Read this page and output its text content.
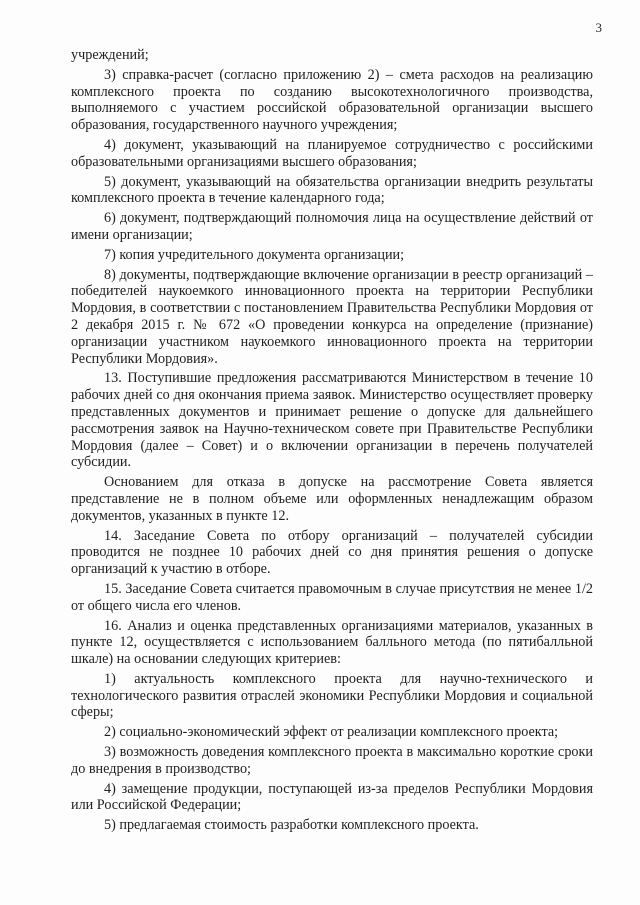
3

учреждений;

3) справка-расчет (согласно приложению 2) – смета расходов на реализацию комплексного проекта по созданию высокотехнологичного производства, выполняемого с участием российской образовательной организации высшего образования, государственного научного учреждения;

4) документ, указывающий на планируемое сотрудничество с российскими образовательными организациями высшего образования;

5) документ, указывающий на обязательства организации внедрить результаты комплексного проекта в течение календарного года;

6) документ, подтверждающий полномочия лица на осуществление действий от имени организации;

7) копия учредительного документа организации;

8) документы, подтверждающие включение организации в реестр организаций – победителей наукоемкого инновационного проекта на территории Республики Мордовия, в соответствии с постановлением Правительства Республики Мордовия от 2 декабря 2015 г. № 672 «О проведении конкурса на определение (признание) организации участником наукоемкого инновационного проекта на территории Республики Мордовия».

13. Поступившие предложения рассматриваются Министерством в течение 10 рабочих дней со дня окончания приема заявок. Министерство осуществляет проверку представленных документов и принимает решение о допуске для дальнейшего рассмотрения заявок на Научно-техническом совете при Правительстве Республики Мордовия (далее – Совет) и о включении организации в перечень получателей субсидии.

Основанием для отказа в допуске на рассмотрение Совета является представление не в полном объеме или оформленных ненадлежащим образом документов, указанных в пункте 12.

14. Заседание Совета по отбору организаций – получателей субсидии проводится не позднее 10 рабочих дней со дня принятия решения о допуске организаций к участию в отборе.

15. Заседание Совета считается правомочным в случае присутствия не менее 1/2 от общего числа его членов.

16. Анализ и оценка представленных организациями материалов, указанных в пункте 12, осуществляется с использованием балльного метода (по пятибалльной шкале) на основании следующих критериев:

1) актуальность комплексного проекта для научно-технического и технологического развития отраслей экономики Республики Мордовия и социальной сферы;

2) социально-экономический эффект от реализации комплексного проекта;

3) возможность доведения комплексного проекта в максимально короткие сроки до внедрения в производство;

4) замещение продукции, поступающей из-за пределов Республики Мордовия или Российской Федерации;

5) предлагаемая стоимость разработки комплексного проекта.
